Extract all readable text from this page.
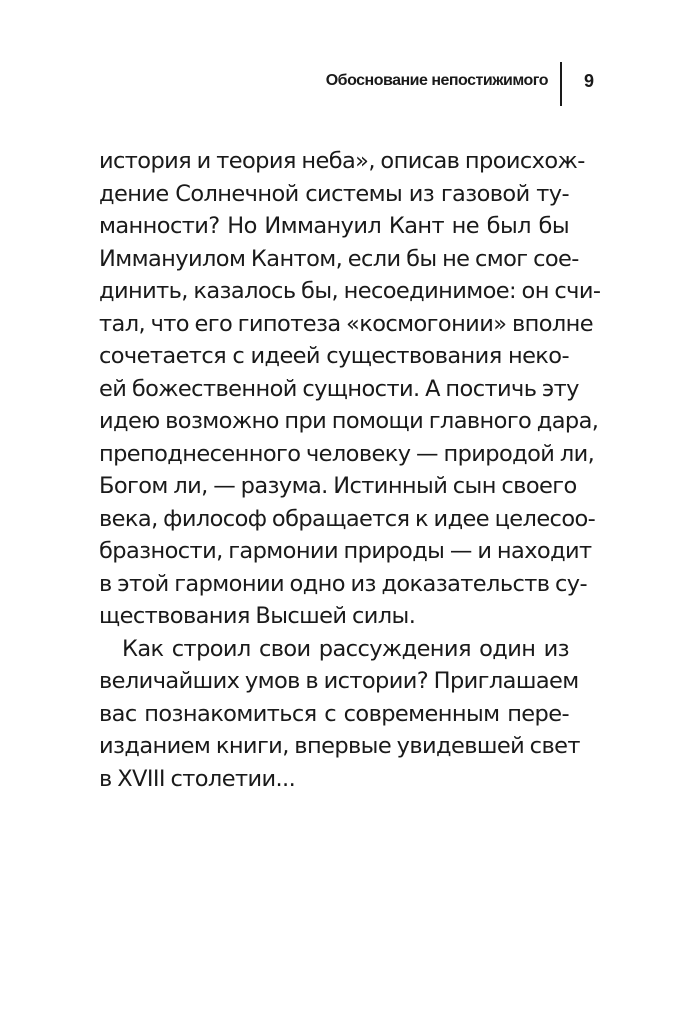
Обоснование непостижимого 9
история и теория неба», описав происхож-
дение Солнечной системы из газовой ту-
манности? Но Иммануил Кант не был бы
Иммануилом Кантом, если бы не смог сое-
динить, казалось бы, несоединимое: он счи-
тал, что его гипотеза «космогонии» вполне
сочетается с идеей существования неко-
ей божественной сущности. А постичь эту
идею возможно при помощи главного дара,
преподнесенного человеку — природой ли,
Богом ли, — разума. Истинный сын своего
века, философ обращается к идее целесоо-
бразности, гармонии природы — и находит
в этой гармонии одно из доказательств су-
ществования Высшей силы.
Как строил свои рассуждения один из
величайших умов в истории? Приглашаем
вас познакомиться с современным пере-
изданием книги, впервые увидевшей свет
в XVIII столетии...
